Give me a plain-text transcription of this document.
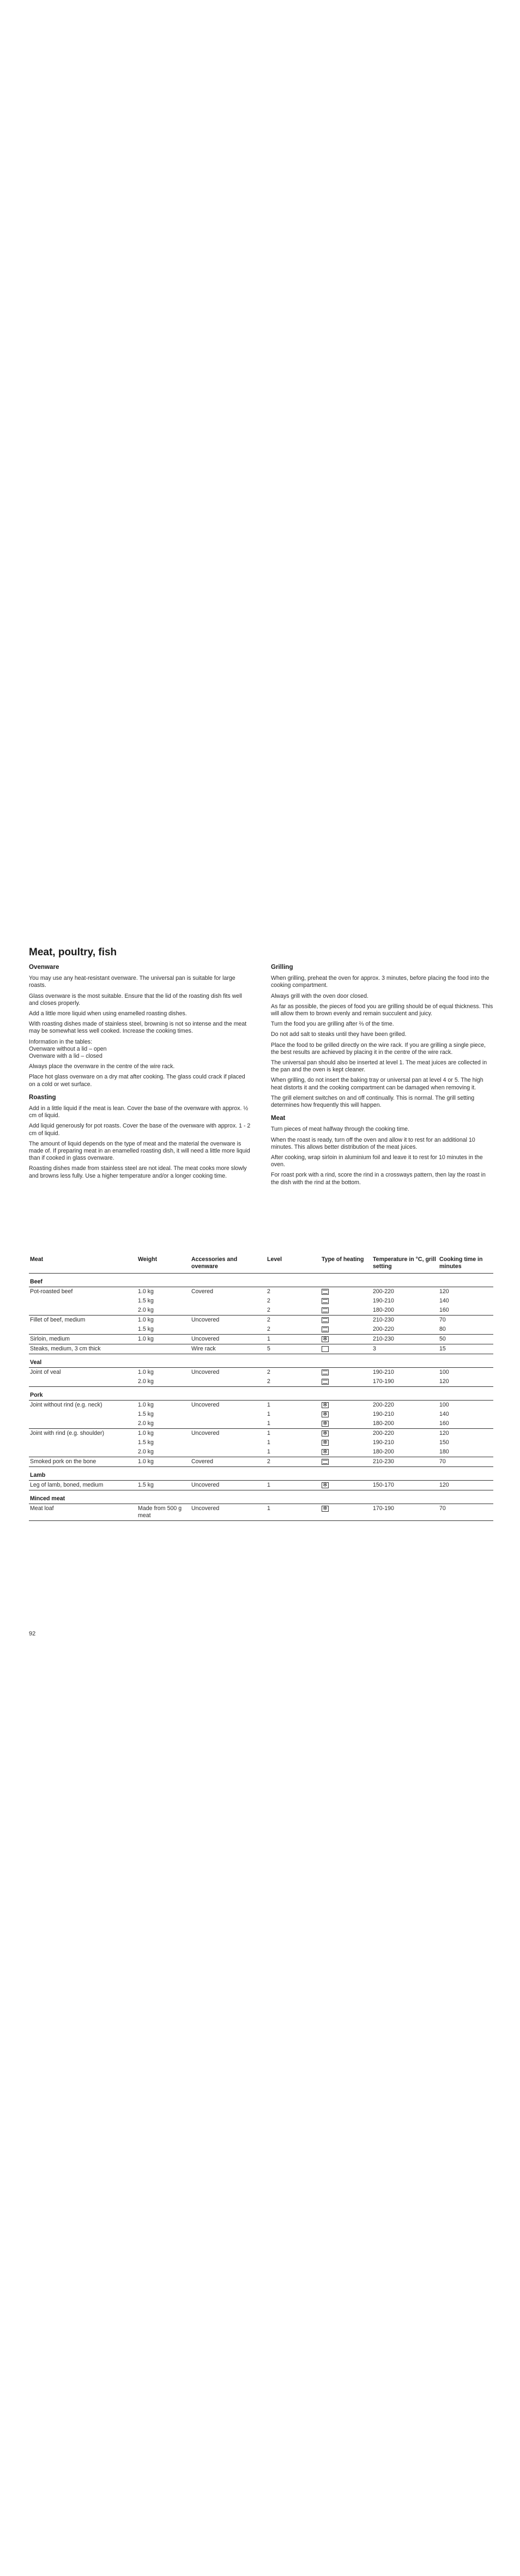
Meat, poultry, fish
Ovenware

You may use any heat-resistant ovenware. The universal pan is suitable for large roasts.

Glass ovenware is the most suitable. Ensure that the lid of the roasting dish fits well and closes properly.

Add a little more liquid when using enamelled roasting dishes.

With roasting dishes made of stainless steel, browning is not so intense and the meat may be somewhat less well cooked. Increase the cooking times.

Information in the tables:
Ovenware without a lid – open
Ovenware with a lid – closed

Always place the ovenware in the centre of the wire rack.

Place hot glass ovenware on a dry mat after cooking. The glass could crack if placed on a cold or wet surface.

Roasting

Add in a little liquid if the meat is lean. Cover the base of the ovenware with approx. ½ cm of liquid.

Add liquid generously for pot roasts. Cover the base of the ovenware with approx. 1 - 2 cm of liquid.

The amount of liquid depends on the type of meat and the material the ovenware is made of. If preparing meat in an enamelled roasting dish, it will need a little more liquid than if cooked in glass ovenware.

Roasting dishes made from stainless steel are not ideal. The meat cooks more slowly and browns less fully. Use a higher temperature and/or a longer cooking time.

Grilling

When grilling, preheat the oven for approx. 3 minutes, before placing the food into the cooking compartment.

Always grill with the oven door closed.

As far as possible, the pieces of food you are grilling should be of equal thickness. This will allow them to brown evenly and remain succulent and juicy.

Turn the food you are grilling after ⅔ of the time.

Do not add salt to steaks until they have been grilled.

Place the food to be grilled directly on the wire rack. If you are grilling a single piece, the best results are achieved by placing it in the centre of the wire rack.

The universal pan should also be inserted at level 1. The meat juices are collected in the pan and the oven is kept cleaner.

When grilling, do not insert the baking tray or universal pan at level 4 or 5. The high heat distorts it and the cooking compartment can be damaged when removing it.

The grill element switches on and off continually. This is normal. The grill setting determines how frequently this will happen.

Meat

Turn pieces of meat halfway through the cooking time.

When the roast is ready, turn off the oven and allow it to rest for an additional 10 minutes. This allows better distribution of the meat juices.

After cooking, wrap sirloin in aluminium foil and leave it to rest for 10 minutes in the oven.

For roast pork with a rind, score the rind in a crossways pattern, then lay the roast in the dish with the rind at the bottom.

Meat	Weight	Accessories and ovenware	Level	Type of heating	Temperature in °C, grill setting	Cooking time in minutes
Beef						
Pot-roasted beef	1.0 kg	Covered	2		200-220	120
	1.5 kg		2		190-210	140
	2.0 kg		2		180-200	160
Fillet of beef, medium	1.0 kg	Uncovered	2		210-230	70
	1.5 kg		2		200-220	80
Sirloin, medium	1.0 kg	Uncovered	1	✻	210-230	50
Steaks, medium, 3 cm thick		Wire rack	5		3	15
Veal						
Joint of veal	1.0 kg	Uncovered	2		190-210	100
	2.0 kg		2		170-190	120
Pork						
Joint without rind (e.g. neck)	1.0 kg	Uncovered	1	✻	200-220	100
	1.5 kg		1	✻	190-210	140
	2.0 kg		1	✻	180-200	160
Joint with rind (e.g. shoulder)	1.0 kg	Uncovered	1	✻	200-220	120
	1.5 kg		1	✻	190-210	150
	2.0 kg		1	✻	180-200	180
Smoked pork on the bone	1.0 kg	Covered	2		210-230	70
Lamb						
Leg of lamb, boned, medium	1.5 kg	Uncovered	1	✻	150-170	120
Minced meat						
Meat loaf	Made from 500 g meat	Uncovered	1	✻	170-190	70

92
